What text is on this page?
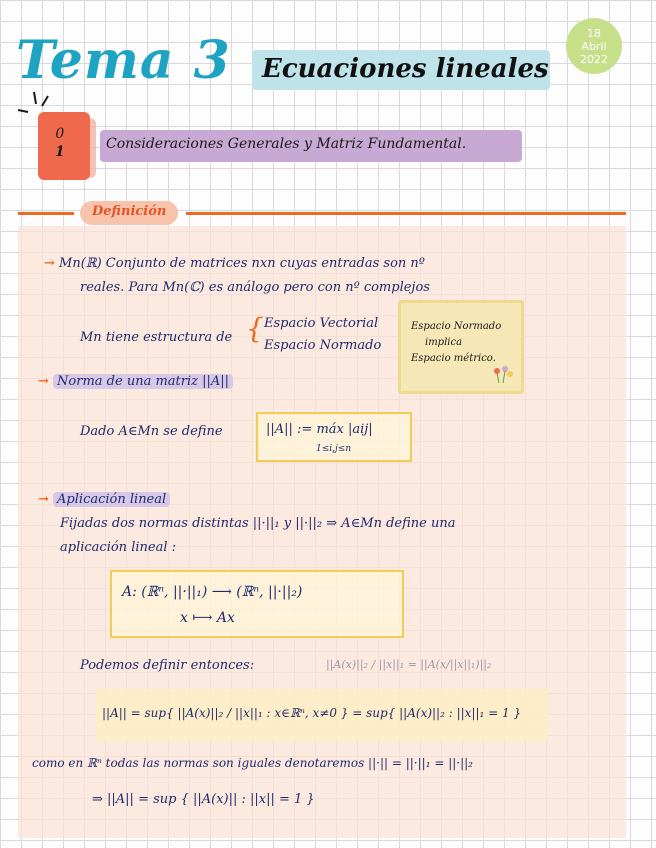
Tema 3 Ecuaciones lineales
18
Abril
2022
0
1	Consideraciones Generales y Matriz Fundamental.
Definición
→ Mn(ℝ) Conjunto de matrices nxn cuyas entradas son nº
reales. Para Mn(ℂ) es análogo pero con nº complejos
Mn tiene estructura de { Espacio Vectorial
Espacio Normado
Espacio Normado
implica
Espacio métrico.
→ Norma de una matriz ||A||
Dado A∈Mn se define	||A|| := máx |aij|
1≤i,j≤n
→ Aplicación lineal
Fijadas dos normas distintas ||·||₁ y ||·||₂ ⇒ A∈Mn define una
aplicación lineal :
A: (ℝⁿ, ||·||₁) ⟶ (ℝⁿ, ||·||₂)
x ⟼ Ax
Podemos definir entonces:	||A(x)||₂ / ||x||₁ = ||A(x/||x||₁)||₂
||A|| = sup{ ||A(x)||₂ / ||x||₁ : x∈ℝⁿ, x≠0 } = sup{ ||A(x)||₂ : ||x||₁ = 1 }
como en ℝⁿ todas las normas son iguales denotaremos ||·|| = ||·||₁ = ||·||₂
⇒ ||A|| = sup { ||A(x)|| : ||x|| = 1 }
